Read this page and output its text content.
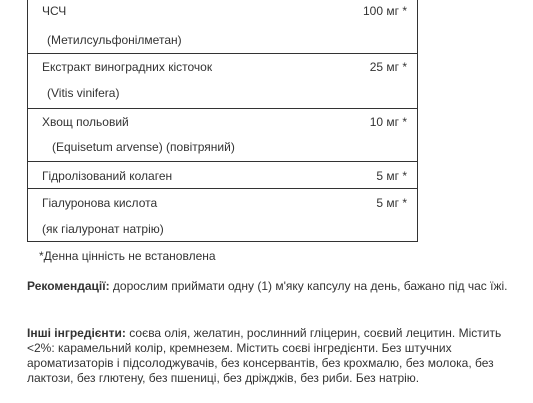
ЧСЧ	100 мг *
(Метилсульфонілметан)
Екстракт виноградних кісточок	25 мг *
(Vitis vinifera)
Хвощ польовий	10 мг *
(Equisetum arvense) (повітряний)
Гідролізований колаген	5 мг *
Гіалуронова кислота	5 мг *
(як гіалуронат натрію)
*Денна цінність не встановлена
Рекомендації: дорослим приймати одну (1) м'яку капсулу на день, бажано під час їжі.
Інші інгредієнти: соєва олія, желатин, рослинний гліцерин, соєвий лецитин. Містить <2%: карамельний колір, кремнезем. Містить соєві інгредієнти. Без штучних ароматизаторів і підсолоджувачів, без консервантів, без крохмалю, без молока, без лактози, без глютену, без пшениці, без дріжджів, без риби. Без натрію.
